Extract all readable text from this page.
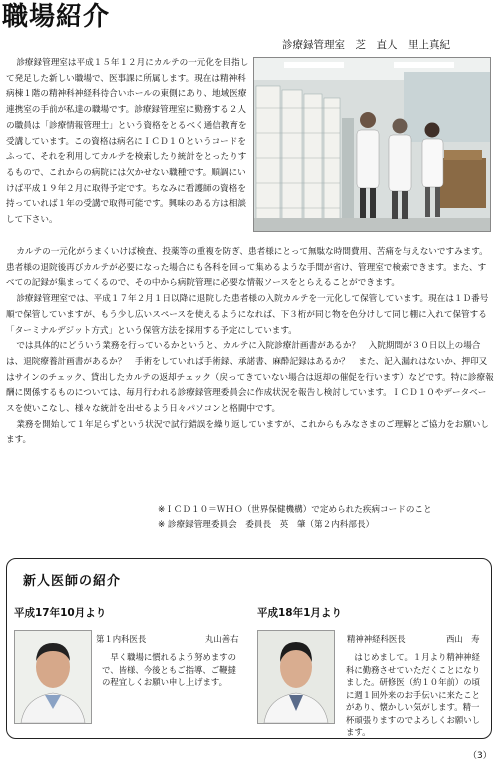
職場紹介
診療録管理室　芝　直人　里上真紀

診療録管理室は平成１５年１２月にカルテの一元化を目指して発足した新しい職場で、医事課に所属します。現在は精神科病棟１階の精神科神経科待合いホールの東側にあり、地域医療連携室の手前が私達の職場です。診療録管理室に勤務する２人の職員は「診療情報管理士」という資格をとるべく通信教育を受講しています。この資格は病名にＩＣＤ１０というコードをふって、それを利用してカルテを検索したり統計をとったりするもので、これからの病院には欠かせない職種です。順調にいけば平成１９年２月に取得予定です。ちなみに看護師の資格を持っていれば１年の受講で取得可能です。興味のある方は相談して下さい。

カルテの一元化がうまくいけば検査、投薬等の重複を防ぎ、患者様にとって無駄な時間費用、苦痛を与えないですみます。患者様の退院後再びカルテが必要になった場合にも各科を回って集めるような手間が省け、管理室で検索できます。また、すべての記録が集まってくるので、その中から病院管理に必要な情報ソースをとらえることができます。

診療録管理室では、平成１７年２月１日以降に退院した患者様の入院カルテを一元化して保管しています。現在は１Ｄ番号順で保管していますが、もう少し広いスペースを使えるようになれば、下３桁が同じ物を色分けして同じ棚に入れて保管する「ターミナルデジット方式」という保管方法を採用する予定にしています。

では具体的にどういう業務を行っているかというと、カルテに入院診療計画書があるか？　入院期間が３０日以上の場合は、退院療養計画書があるか？　手術をしていれば手術録、承諾書、麻酔記録はあるか？　また、記入漏れはないか、押印又はサインのチェック、貸出したカルテの返却チェック（戻ってきていない場合は返却の催促を行います）などです。特に診療報酬に関係するものについては、毎月行われる診療録管理委員会に作成状況を報告し検討しています。ＩＣＤ１０やデータベースを使いこなし、様々な統計を出せるよう日々パソコンと格闘中です。

業務を開始して１年足らずという状況で試行錯誤を繰り返していますが、これからもみなさまのご理解とご協力をお願いします。

※ＩＣＤ１０＝ＷＨＯ（世界保健機構）で定められた疾病コードのこと
※ 診療録管理委員会　委員長　英　肇（第２内科部長）
新人医師の紹介
平成17年10月より
第１内科医長	丸山善右

早く職場に慣れるよう努めますので、皆様、今後ともご指導、ご鞭撻の程宜しくお願い申し上げます。

平成18年1月より
精神神経科医長	西山　寿

はじめまして。１月より精神神経科に勤務させていただくことになりました。研修医（約１０年前）の頃に週１回外来のお手伝いに来たことがあり、懐かしい気がします。精一杯頑張りますのでよろしくお願いします。

（3）
